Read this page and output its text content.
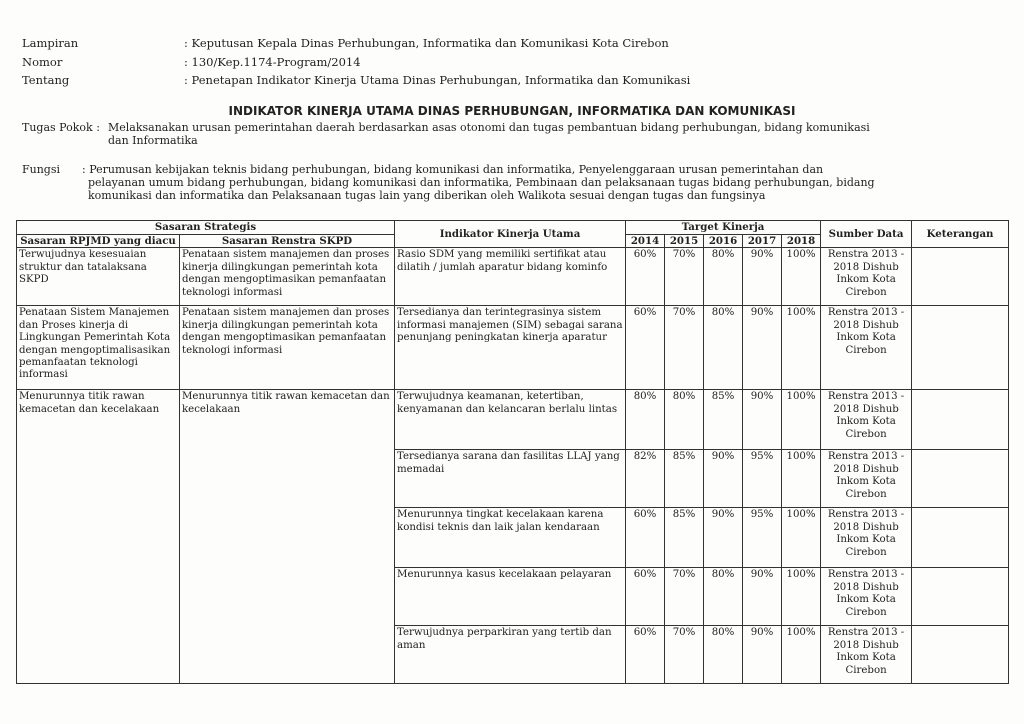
Lampiran	: Keputusan Kepala Dinas Perhubungan, Informatika dan Komunikasi Kota Cirebon
Nomor	: 130/Kep.1174-Program/2014
Tentang	: Penetapan Indikator Kinerja Utama Dinas Perhubungan, Informatika dan Komunikasi
INDIKATOR KINERJA UTAMA DINAS PERHUBUNGAN, INFORMATIKA DAN KOMUNIKASI
Tugas Pokok : Melaksanakan urusan pemerintahan daerah berdasarkan asas otonomi dan tugas pembantuan bidang perhubungan, bidang komunikasi dan Informatika
Fungsi : Perumusan kebijakan teknis bidang perhubungan, bidang komunikasi dan informatika, Penyelenggaraan urusan pemerintahan dan pelayanan umum bidang perhubungan, bidang komunikasi dan informatika, Pembinaan dan pelaksanaan tugas bidang perhubungan, bidang komunikasi dan informatika dan Pelaksanaan tugas lain yang diberikan oleh Walikota sesuai dengan tugas dan fungsinya
Sasaran Strategis		Indikator Kinerja Utama	Target Kinerja					Sumber Data	Keterangan
Sasaran RPJMD yang diacu	Sasaran Renstra SKPD		2014	2015	2016	2017	2018		
Terwujudnya kesesuaian struktur dan tatalaksana SKPD	Penataan sistem manajemen dan proses kinerja dilingkungan pemerintah kota dengan mengoptimasikan pemanfaatan teknologi informasi	Rasio SDM yang memiliki sertifikat atau dilatih / jumlah aparatur bidang kominfo	60%	70%	80%	90%	100%	Renstra 2013 - 2018 Dishub Inkom Kota Cirebon	
Penataan Sistem Manajemen dan Proses kinerja di Lingkungan Pemerintah Kota dengan mengoptimalisasikan pemanfaatan teknologi informasi	Penataan sistem manajemen dan proses kinerja dilingkungan pemerintah kota dengan mengoptimasikan pemanfaatan teknologi informasi	Tersedianya dan terintegrasinya sistem informasi manajemen (SIM) sebagai sarana penunjang peningkatan kinerja aparatur	60%	70%	80%	90%	100%	Renstra 2013 - 2018 Dishub Inkom Kota Cirebon	
Menurunnya titik rawan kemacetan dan kecelakaan	Menurunnya titik rawan kemacetan dan kecelakaan	Terwujudnya keamanan, ketertiban, kenyamanan dan kelancaran berlalu lintas	80%	80%	85%	90%	100%	Renstra 2013 - 2018 Dishub Inkom Kota Cirebon	
		Tersedianya sarana dan fasilitas LLAJ yang memadai	82%	85%	90%	95%	100%	Renstra 2013 - 2018 Dishub Inkom Kota Cirebon	
		Menurunnya tingkat kecelakaan karena kondisi teknis dan laik jalan kendaraan	60%	85%	90%	95%	100%	Renstra 2013 - 2018 Dishub Inkom Kota Cirebon	
		Menurunnya kasus kecelakaan pelayaran	60%	70%	80%	90%	100%	Renstra 2013 - 2018 Dishub Inkom Kota Cirebon	
		Terwujudnya perparkiran yang tertib dan aman	60%	70%	80%	90%	100%	Renstra 2013 - 2018 Dishub Inkom Kota Cirebon	
